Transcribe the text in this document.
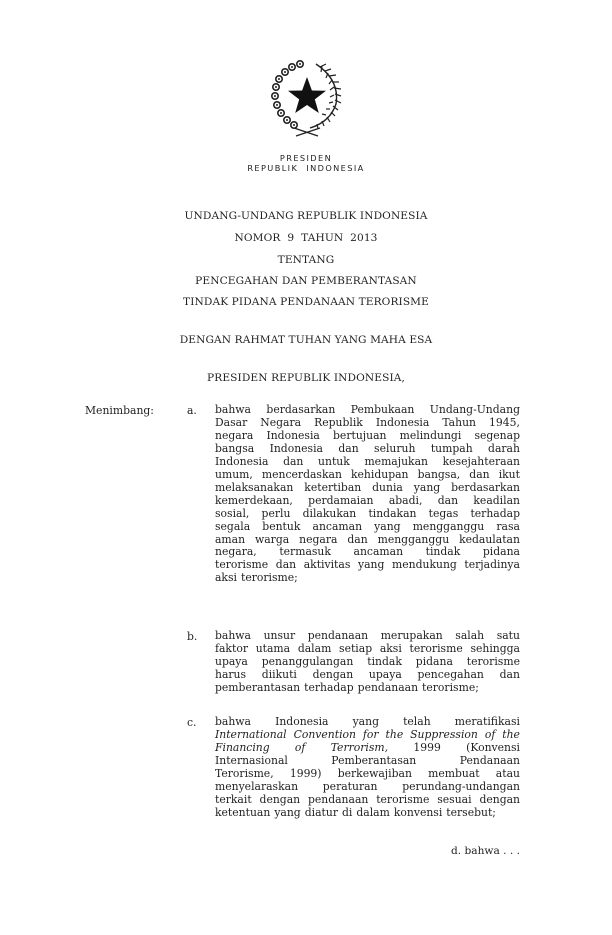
PRESIDEN
REPUBLIK  INDONESIA
UNDANG-UNDANG REPUBLIK INDONESIA
NOMOR  9  TAHUN  2013
TENTANG
PENCEGAHAN DAN PEMBERANTASAN
TINDAK PIDANA PENDANAAN TERORISME
DENGAN RAHMAT TUHAN YANG MAHA ESA
PRESIDEN REPUBLIK INDONESIA,
Menimbang:	a. bahwa berdasarkan Pembukaan Undang-Undang
Dasar Negara Republik Indonesia Tahun 1945,
negara Indonesia bertujuan melindungi segenap
bangsa Indonesia dan seluruh tumpah darah
Indonesia dan untuk memajukan kesejahteraan
umum, mencerdaskan kehidupan bangsa, dan ikut
melaksanakan ketertiban dunia yang berdasarkan
kemerdekaan, perdamaian abadi, dan keadilan
sosial, perlu dilakukan tindakan tegas terhadap
segala bentuk ancaman yang mengganggu rasa
aman warga negara dan mengganggu kedaulatan
negara, termasuk ancaman tindak pidana
terorisme dan aktivitas yang mendukung terjadinya
aksi terorisme;
b. bahwa unsur pendanaan merupakan salah satu
faktor utama dalam setiap aksi terorisme sehingga
upaya penanggulangan tindak pidana terorisme
harus diikuti dengan upaya pencegahan dan
pemberantasan terhadap pendanaan terorisme;
c. bahwa Indonesia yang telah meratifikasi
International Convention for the Suppression of the
Financing of Terrorism, 1999 (Konvensi
Internasional	Pemberantasan	Pendanaan
Terorisme, 1999) berkewajiban membuat atau
menyelaraskan peraturan perundang-undangan
terkait dengan pendanaan terorisme sesuai dengan
ketentuan yang diatur di dalam konvensi tersebut;
d. bahwa . . .
